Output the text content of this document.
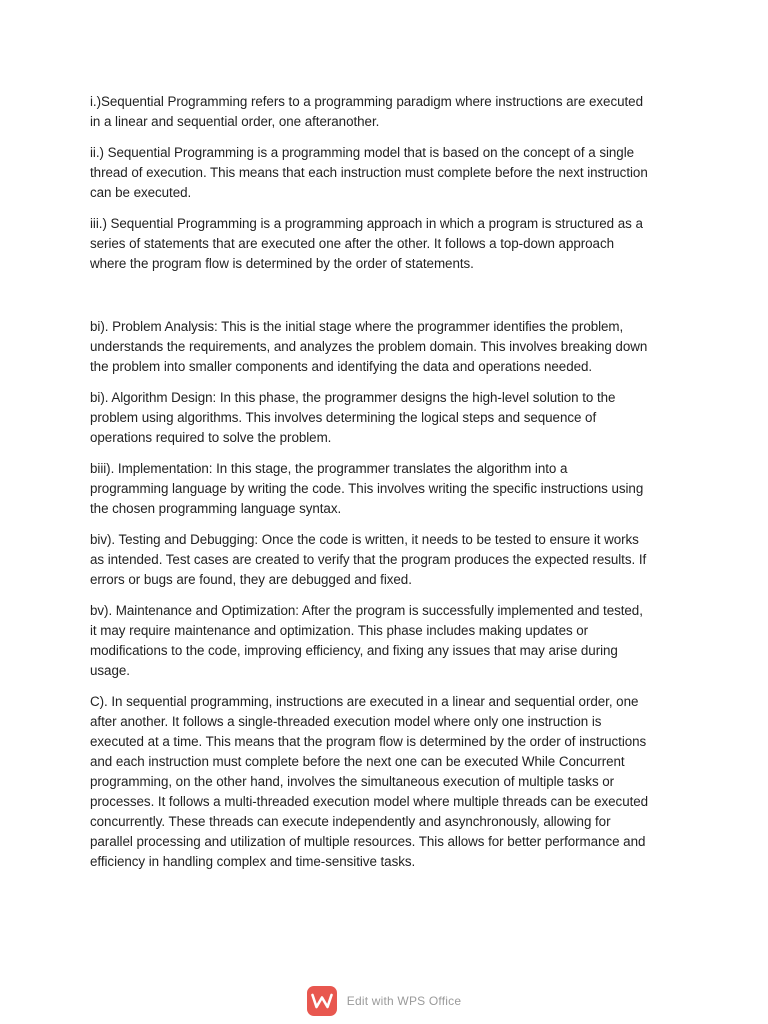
i.)Sequential Programming refers to a programming paradigm where instructions are executed
in a linear and sequential order, one afteranother.

ii.) Sequential Programming is a programming model that is based on the concept of a single
thread of execution. This means that each instruction must complete before the next instruction
can be executed.

iii.) Sequential Programming is a programming approach in which a program is structured as a
series of statements that are executed one after the other. It follows a top-down approach
where the program flow is determined by the order of statements.

bi). Problem Analysis: This is the initial stage where the programmer identifies the problem,
understands the requirements, and analyzes the problem domain. This involves breaking down
the problem into smaller components and identifying the data and operations needed.

bi). Algorithm Design: In this phase, the programmer designs the high-level solution to the
problem using algorithms. This involves determining the logical steps and sequence of
operations required to solve the problem.

biii). Implementation: In this stage, the programmer translates the algorithm into a
programming language by writing the code. This involves writing the specific instructions using
the chosen programming language syntax.

biv). Testing and Debugging: Once the code is written, it needs to be tested to ensure it works
as intended. Test cases are created to verify that the program produces the expected results. If
errors or bugs are found, they are debugged and fixed.

bv). Maintenance and Optimization: After the program is successfully implemented and tested,
it may require maintenance and optimization. This phase includes making updates or
modifications to the code, improving efficiency, and fixing any issues that may arise during
usage.

C). In sequential programming, instructions are executed in a linear and sequential order, one
after another. It follows a single-threaded execution model where only one instruction is
executed at a time. This means that the program flow is determined by the order of instructions
and each instruction must complete before the next one can be executed While Concurrent
programming, on the other hand, involves the simultaneous execution of multiple tasks or
processes. It follows a multi-threaded execution model where multiple threads can be executed
concurrently. These threads can execute independently and asynchronously, allowing for
parallel processing and utilization of multiple resources. This allows for better performance and
efficiency in handling complex and time-sensitive tasks.

Edit with WPS Office
